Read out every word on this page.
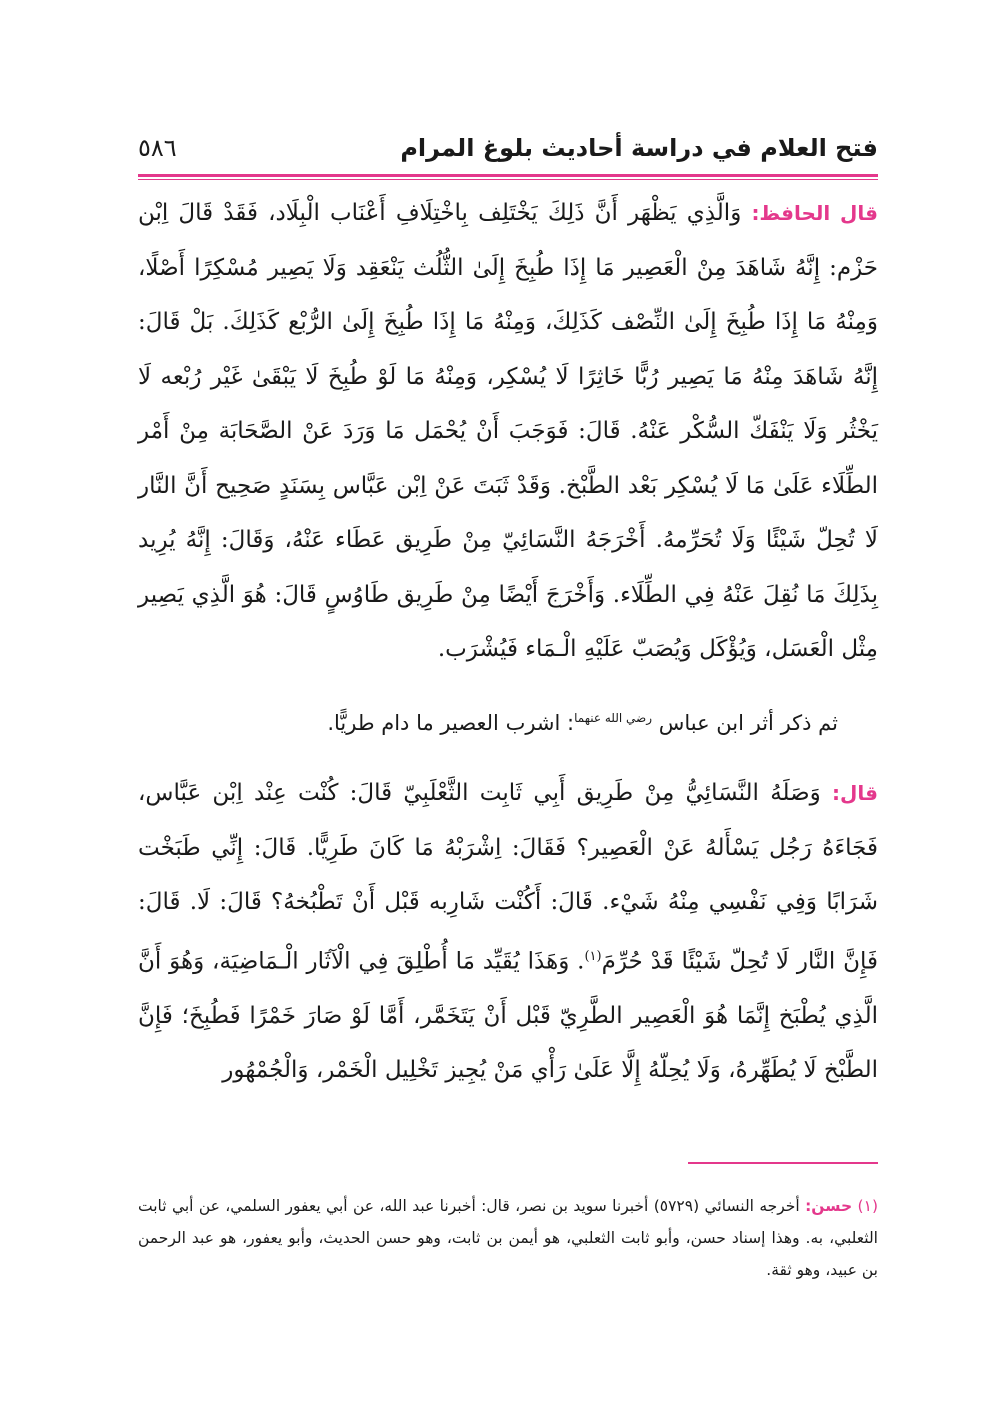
فتح العلام في دراسة أحاديث بلوغ المرام
٥٨٦

قال الحافظ: وَالَّذِي يَظْهَر أَنَّ ذَلِكَ يَخْتَلِف بِاخْتِلَافِ أَعْنَاب الْبِلَاد، فَقَدْ قَالَ اِبْن حَزْم: إِنَّهُ شَاهَدَ مِنْ الْعَصِير مَا إِذَا طُبِخَ إِلَىٰ الثُّلُث يَنْعَقِد وَلَا يَصِير مُسْكِرًا أَصْلًا، وَمِنْهُ مَا إِذَا طُبِخَ إِلَىٰ النِّصْف كَذَلِكَ، وَمِنْهُ مَا إِذَا طُبِخَ إِلَىٰ الرُّبْع كَذَلِكَ. بَلْ قَالَ: إِنَّهُ شَاهَدَ مِنْهُ مَا يَصِير رُبًّا خَاثِرًا لَا يُسْكِر، وَمِنْهُ مَا لَوْ طُبِخَ لَا يَبْقَىٰ غَيْر رُبْعه لَا يَخْثُر وَلَا يَنْفَكّ السُّكْر عَنْهُ. قَالَ: فَوَجَبَ أَنْ يُحْمَل مَا وَرَدَ عَنْ الصَّحَابَة مِنْ أَمْر الطِّلَاء عَلَىٰ مَا لَا يُسْكِر بَعْد الطَّبْخ. وَقَدْ ثَبَتَ عَنْ اِبْن عَبَّاس بِسَنَدٍ صَحِيح أَنَّ النَّار لَا تُحِلّ شَيْئًا وَلَا تُحَرِّمهُ. أَخْرَجَهُ النَّسَائِيّ مِنْ طَرِيق عَطَاء عَنْهُ، وَقَالَ: إِنَّهُ يُرِيد بِذَلِكَ مَا نُقِلَ عَنْهُ فِي الطِّلَاء. وَأَخْرَجَ أَيْضًا مِنْ طَرِيق طَاوُسٍ قَالَ: هُوَ الَّذِي يَصِير مِثْل الْعَسَل، وَيُؤْكَل وَيُصَبّ عَلَيْهِ الْـمَاء فَيُشْرَب.

ثم ذكر أثر ابن عباس $^{رضي الله عنهما}$: اشرب العصير ما دام طريًّا.

قال: وَصَلَهُ النَّسَائِيُّ مِنْ طَرِيق أَبِي ثَابِت الثَّعْلَبِيّ قَالَ: كُنْت عِنْد اِبْن عَبَّاس، فَجَاءَهُ رَجُل يَسْأَلهُ عَنْ الْعَصِير؟ فَقَالَ: اِشْرَبْهُ مَا كَانَ طَرِيًّا. قَالَ: إِنِّي طَبَخْت شَرَابًا وَفِي نَفْسِي مِنْهُ شَيْء. قَالَ: أَكُنْت شَارِبه قَبْل أَنْ تَطْبُخهُ؟ قَالَ: لَا. قَالَ: فَإِنَّ النَّار لَا تُحِلّ شَيْئًا قَدْ حُرِّمَ$^{(١)}$. وَهَذَا يُقَيِّد مَا أُطْلِقَ فِي الْآثَار الْـمَاضِيَة، وَهُوَ أَنَّ الَّذِي يُطْبَخ إِنَّمَا هُوَ الْعَصِير الطَّرِيّ قَبْل أَنْ يَتَخَمَّر، أَمَّا لَوْ صَارَ خَمْرًا فَطُبِخَ؛ فَإِنَّ الطَّبْخ لَا يُطَهِّرهُ، وَلَا يُحِلّهُ إِلَّا عَلَىٰ رَأْي مَنْ يُجِيز تَخْلِيل الْخَمْر، وَالْجُمْهُور

(١) حسن: أخرجه النسائي (٥٧٢٩) أخبرنا سويد بن نصر، قال: أخبرنا عبد الله، عن أبي يعفور السلمي، عن أبي ثابت الثعلبي، به. وهذا إسناد حسن، وأبو ثابت الثعلبي، هو أيمن بن ثابت، وهو حسن الحديث، وأبو يعفور، هو عبد الرحمن بن عبيد، وهو ثقة.
